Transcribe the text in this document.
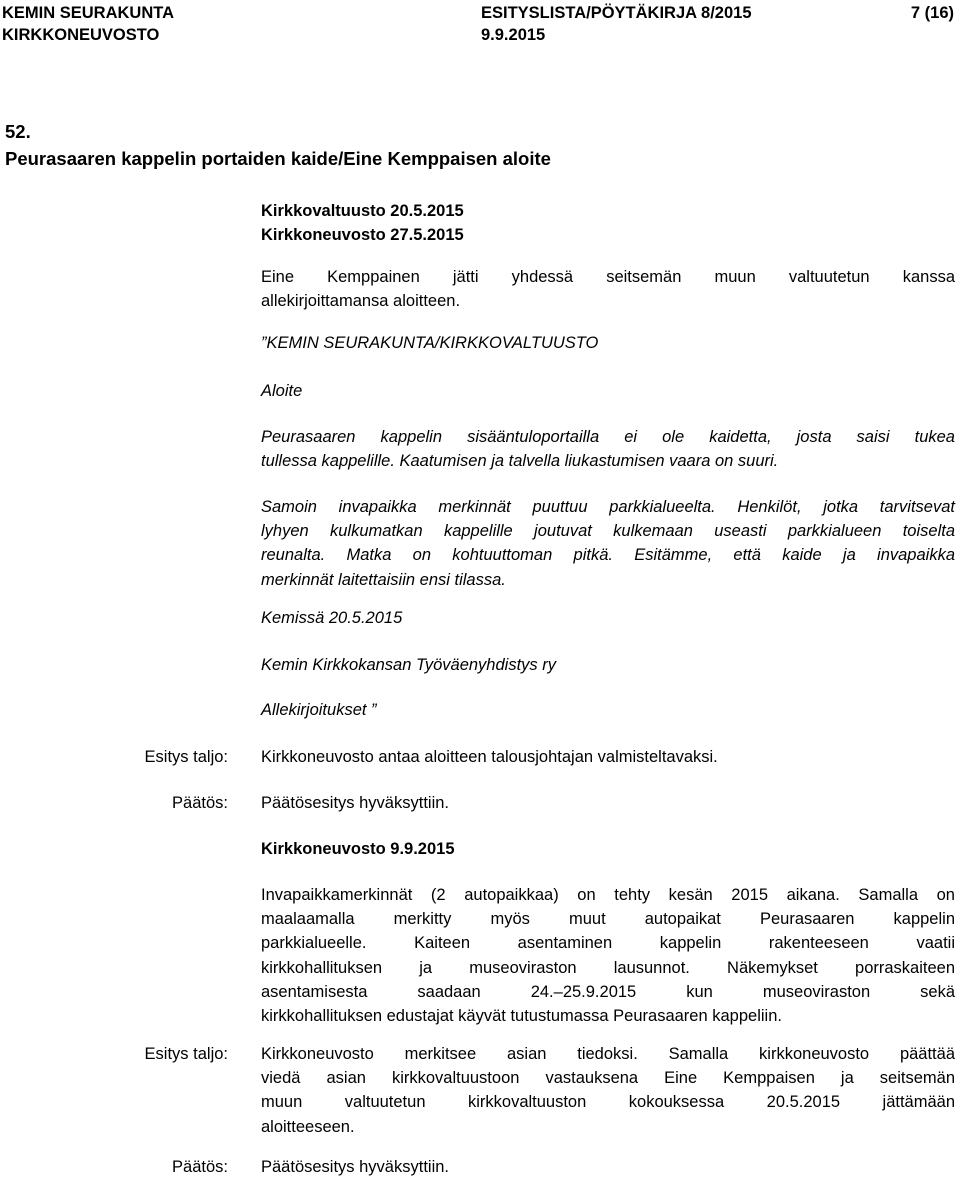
KEMIN SEURAKUNTA
KIRKKONEUVOSTO
ESITYSLISTA/PÖYTÄKIRJA 8/2015
9.9.2015
7 (16)
52.
Peurasaaren kappelin portaiden kaide/Eine Kemppaisen aloite
Kirkkovaltuusto 20.5.2015
Kirkkoneuvosto 27.5.2015
Eine Kemppainen jätti yhdessä seitsemän muun valtuutetun kanssa
allekirjoittamansa aloitteen.
”KEMIN SEURAKUNTA/KIRKKOVALTUUSTO
Aloite
Peurasaaren kappelin sisääntuloportailla ei ole kaidetta, josta saisi tukea
tullessa kappelille. Kaatumisen ja talvella liukastumisen vaara on suuri.
Samoin invapaikka merkinnät puuttuu parkkialueelta. Henkilöt, jotka tarvitsevat
lyhyen kulkumatkan kappelille joutuvat kulkemaan useasti parkkialueen toiselta
reunalta. Matka on kohtuuttoman pitkä. Esitämme, että kaide ja invapaikka
merkinnät laitettaisiin ensi tilassa.
Kemissä 20.5.2015
Kemin Kirkkokansan Työväenyhdistys ry
Allekirjoitukset ”
Esitys taljo: Kirkkoneuvosto antaa aloitteen talousjohtajan valmisteltavaksi.
Päätös: Päätösesitys hyväksyttiin.
Kirkkoneuvosto 9.9.2015
Invapaikkamerkinnät (2 autopaikkaa) on tehty kesän 2015 aikana. Samalla on
maalaamalla merkitty myös muut autopaikat Peurasaaren kappelin
parkkialueelle. Kaiteen asentaminen kappelin rakenteeseen vaatii
kirkkohallituksen ja museoviraston lausunnot. Näkemykset porraskaiteen
asentamisesta saadaan 24.–25.9.2015 kun museoviraston sekä
kirkkohallituksen edustajat käyvät tutustumassa Peurasaaren kappeliin.
Esitys taljo: Kirkkoneuvosto merkitsee asian tiedoksi. Samalla kirkkoneuvosto päättää
viedä asian kirkkovaltuustoon vastauksena Eine Kemppaisen ja seitsemän
muun valtuutetun kirkkovaltuuston kokouksessa 20.5.2015 jättämään
aloitteeseen.
Päätös: Päätösesitys hyväksyttiin.
